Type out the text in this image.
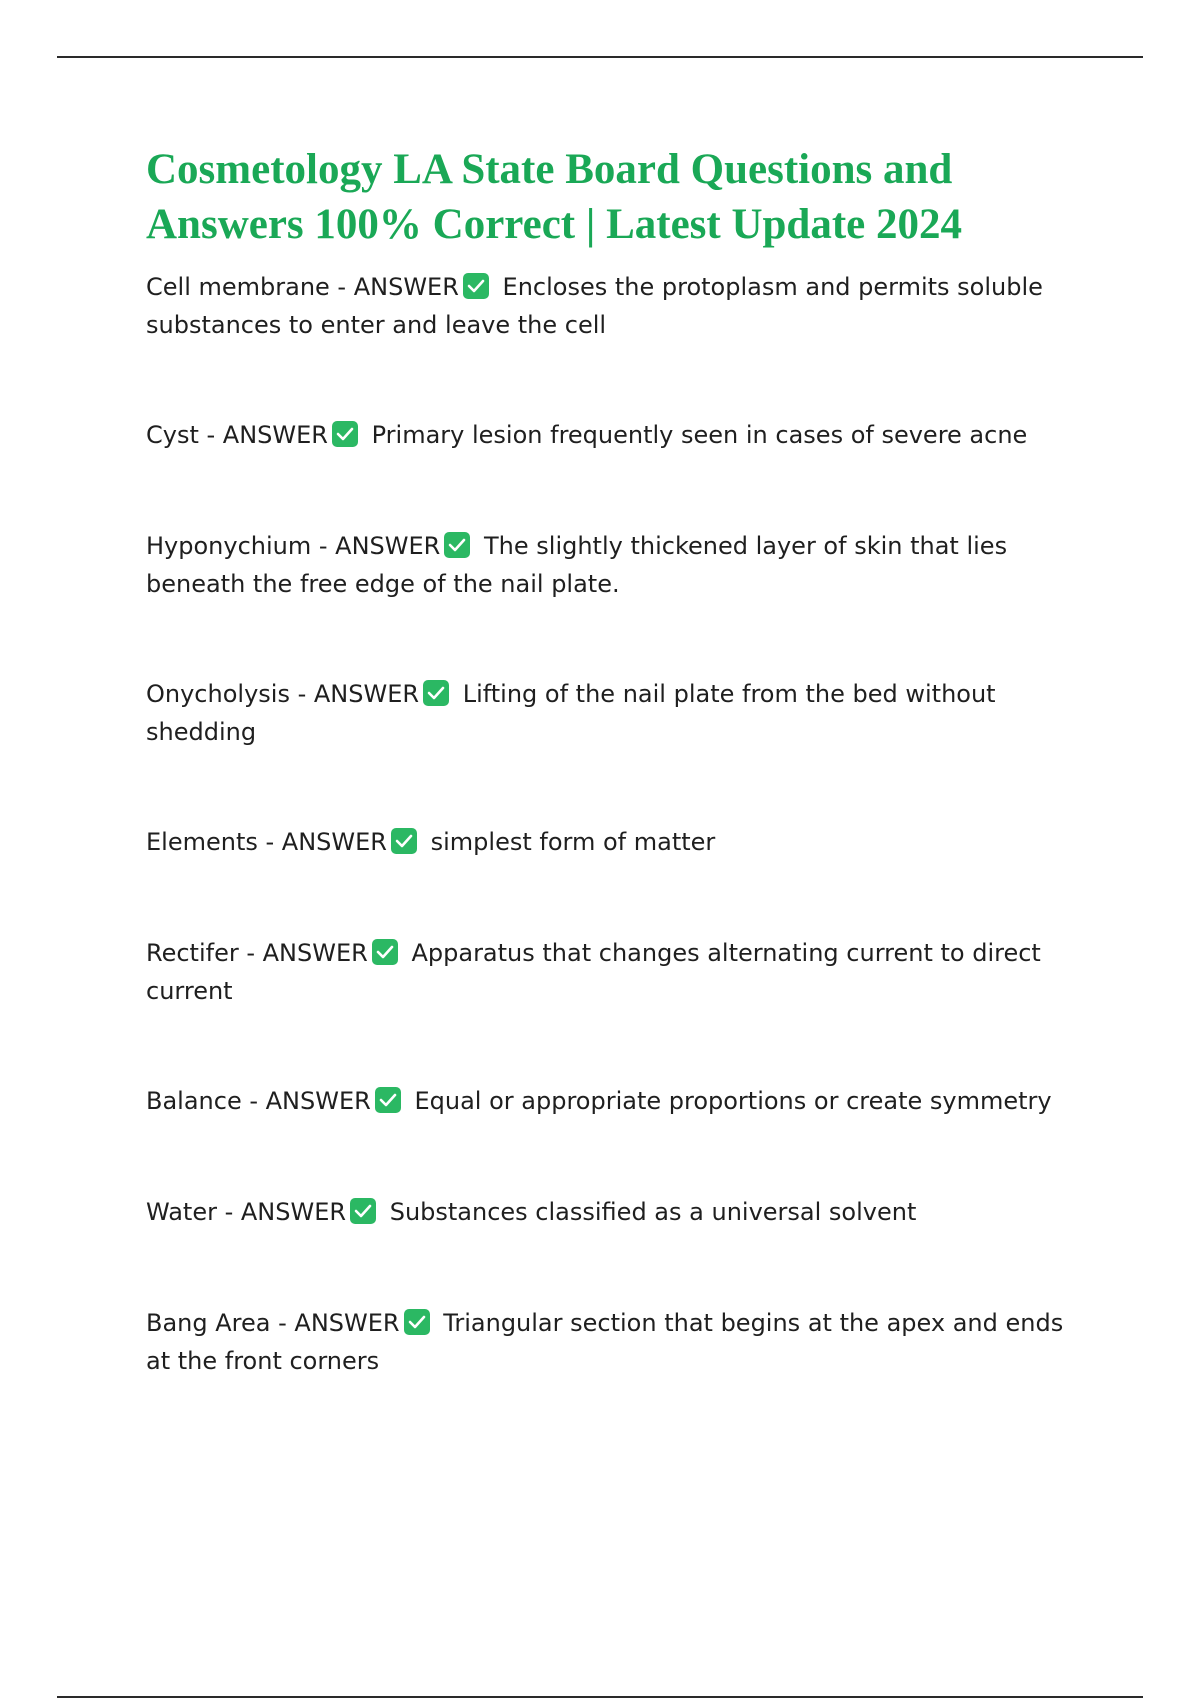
Cosmetology LA State Board Questions and Answers 100% Correct | Latest Update 2024
Cell membrane - ANSWER Encloses the protoplasm and permits soluble substances to enter and leave the cell
Cyst - ANSWER Primary lesion frequently seen in cases of severe acne
Hyponychium - ANSWER The slightly thickened layer of skin that lies beneath the free edge of the nail plate.
Onycholysis - ANSWER Lifting of the nail plate from the bed without shedding
Elements - ANSWER simplest form of matter
Rectifer - ANSWER Apparatus that changes alternating current to direct current
Balance - ANSWER Equal or appropriate proportions or create symmetry
Water - ANSWER Substances classified as a universal solvent
Bang Area - ANSWER Triangular section that begins at the apex and ends at the front corners
